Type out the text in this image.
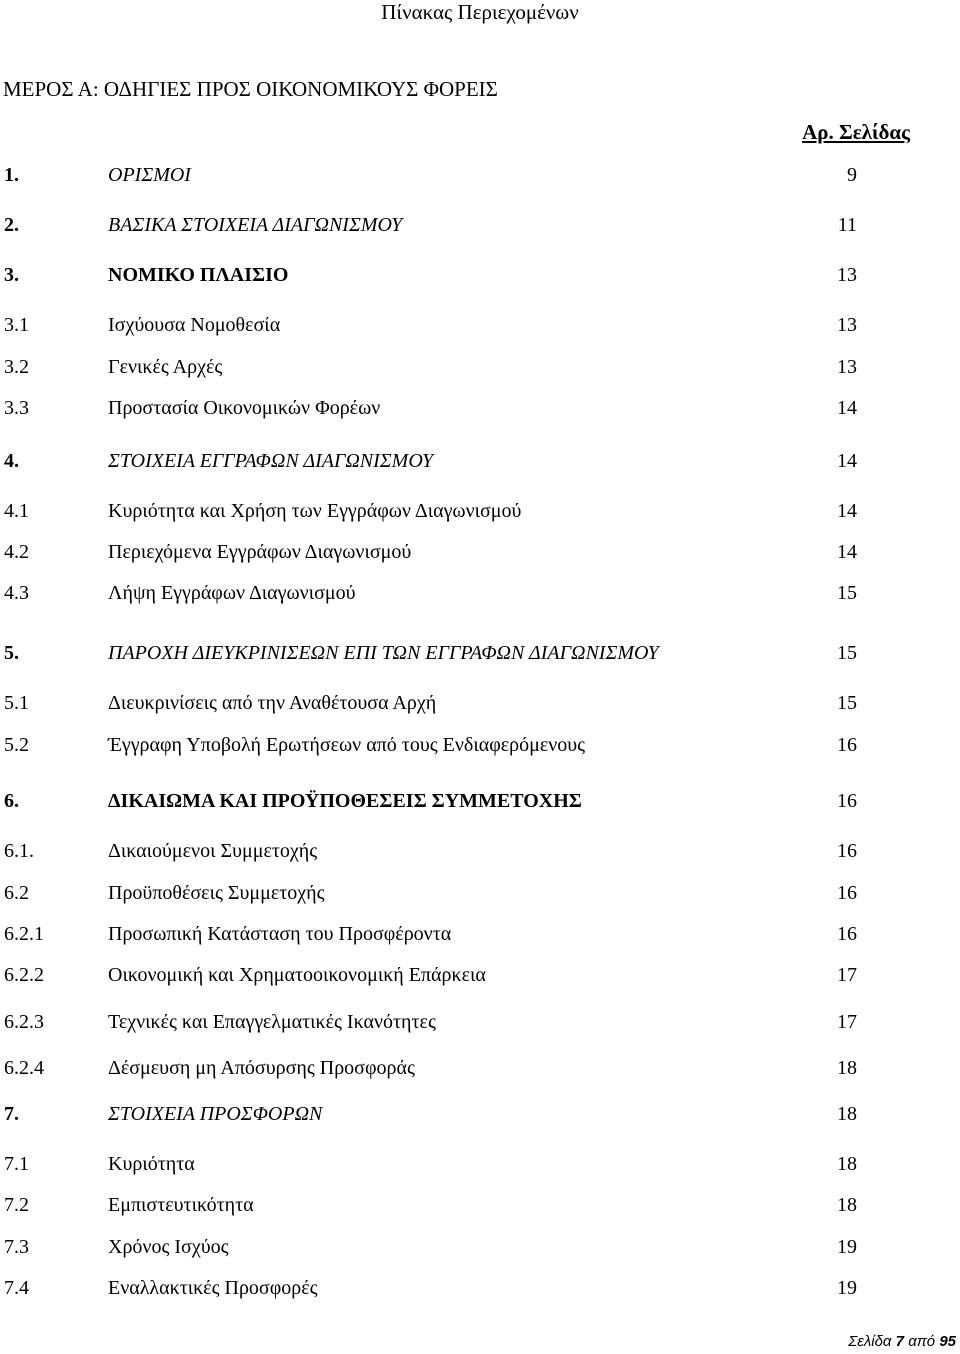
Πίνακας Περιεχομένων
ΜΕΡΟΣ Α: ΟΔΗΓΙΕΣ ΠΡΟΣ ΟΙΚΟΝΟΜΙΚΟΥΣ ΦΟΡΕΙΣ
Αρ. Σελίδας
1.	ΟΡΙΣΜΟΙ	9
2.	ΒΑΣΙΚΑ ΣΤΟΙΧΕΙΑ ΔΙΑΓΩΝΙΣΜΟΥ	11
3.	ΝΟΜΙΚΟ ΠΛΑΙΣΙΟ	13
3.1	Ισχύουσα Νομοθεσία	13
3.2	Γενικές Αρχές	13
3.3	Προστασία Οικονομικών Φορέων	14
4.	ΣΤΟΙΧΕΙΑ ΕΓΓΡΑΦΩΝ ΔΙΑΓΩΝΙΣΜΟΥ	14
4.1	Κυριότητα και Χρήση των Εγγράφων Διαγωνισμού	14
4.2	Περιεχόμενα Εγγράφων Διαγωνισμού	14
4.3	Λήψη Εγγράφων Διαγωνισμού	15
5.	ΠΑΡΟΧΗ ΔΙΕΥΚΡΙΝΙΣΕΩΝ ΕΠΙ ΤΩΝ ΕΓΓΡΑΦΩΝ ΔΙΑΓΩΝΙΣΜΟΥ	15
5.1	Διευκρινίσεις από την Αναθέτουσα Αρχή	15
5.2	Έγγραφη Υποβολή Ερωτήσεων από τους Ενδιαφερόμενους	16
6.	ΔΙΚΑΙΩΜΑ ΚΑΙ ΠΡΟΫΠΟΘΕΣΕΙΣ ΣΥΜΜΕΤΟΧΗΣ	16
6.1.	Δικαιούμενοι Συμμετοχής	16
6.2	Προϋποθέσεις Συμμετοχής	16
6.2.1	Προσωπική Κατάσταση του Προσφέροντα	16
6.2.2	Οικονομική και Χρηματοοικονομική Επάρκεια	17
6.2.3	Τεχνικές και Επαγγελματικές Ικανότητες	17
6.2.4	Δέσμευση μη Απόσυρσης Προσφοράς	18
7.	ΣΤΟΙΧΕΙΑ ΠΡΟΣΦΟΡΩΝ	18
7.1	Κυριότητα	18
7.2	Εμπιστευτικότητα	18
7.3	Χρόνος Ισχύος	19
7.4	Εναλλακτικές Προσφορές	19
Σελίδα 7 από 95
